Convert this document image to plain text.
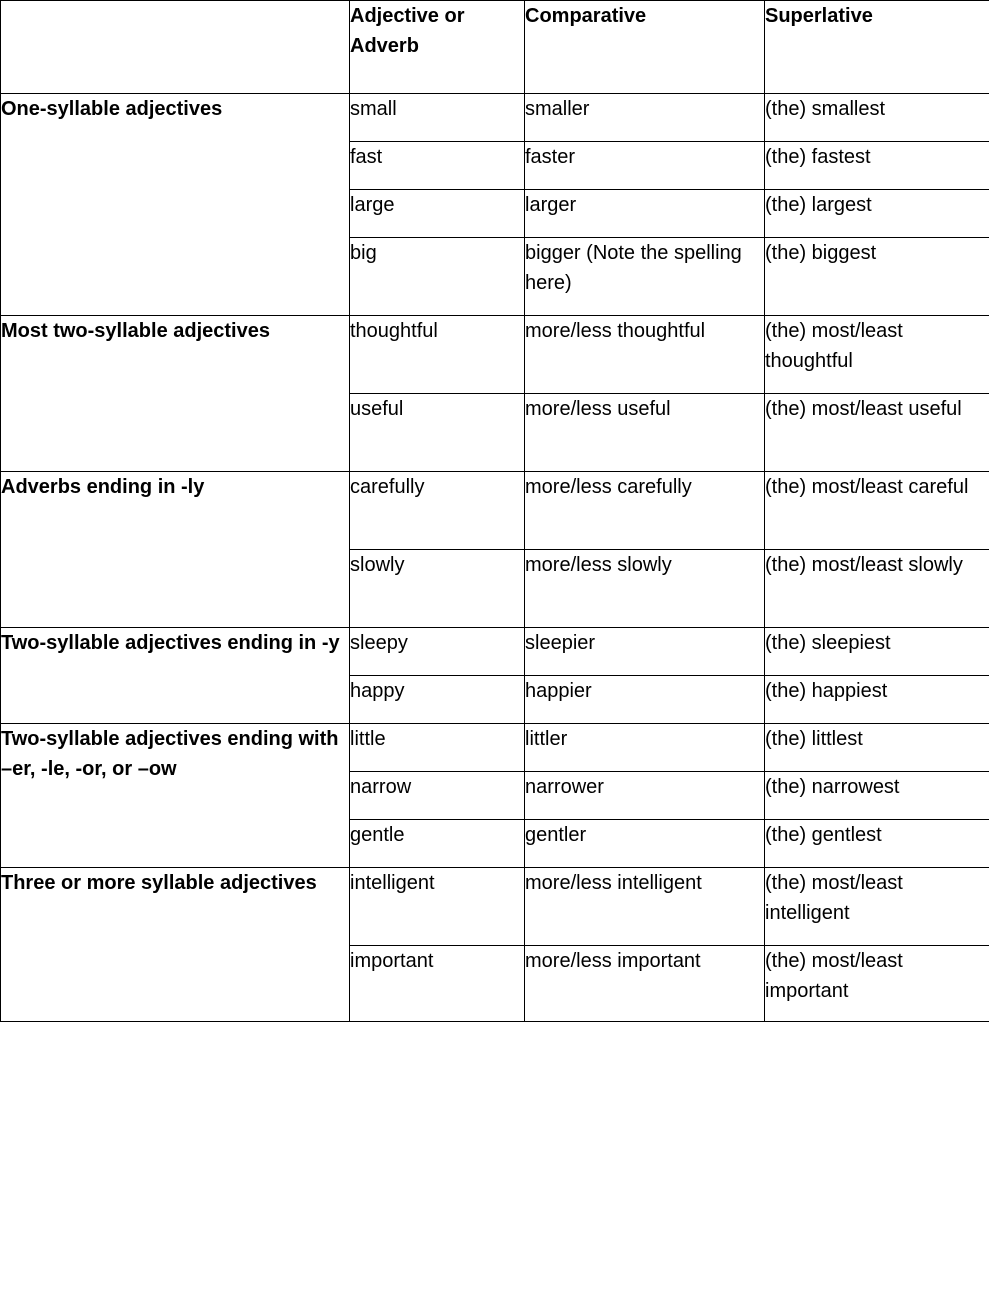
	Adjective or Adverb	Comparative	Superlative
One-syllable adjectives	small	smaller	(the) smallest
	fast	faster	(the) fastest
	large	larger	(the) largest
	big	bigger (Note the spelling here)	(the) biggest
Most two-syllable adjectives	thoughtful	more/less thoughtful	(the) most/least thoughtful
	useful	more/less useful	(the) most/least useful
Adverbs ending in -ly	carefully	more/less carefully	(the) most/least careful
	slowly	more/less slowly	(the) most/least slowly
Two-syllable adjectives ending in -y	sleepy	sleepier	(the) sleepiest
	happy	happier	(the) happiest
Two-syllable adjectives ending with –er, -le, -or, or –ow	little	littler	(the) littlest
	narrow	narrower	(the) narrowest
	gentle	gentler	(the) gentlest
Three or more syllable adjectives	intelligent	more/less intelligent	(the) most/least intelligent
	important	more/less important	(the) most/least important
